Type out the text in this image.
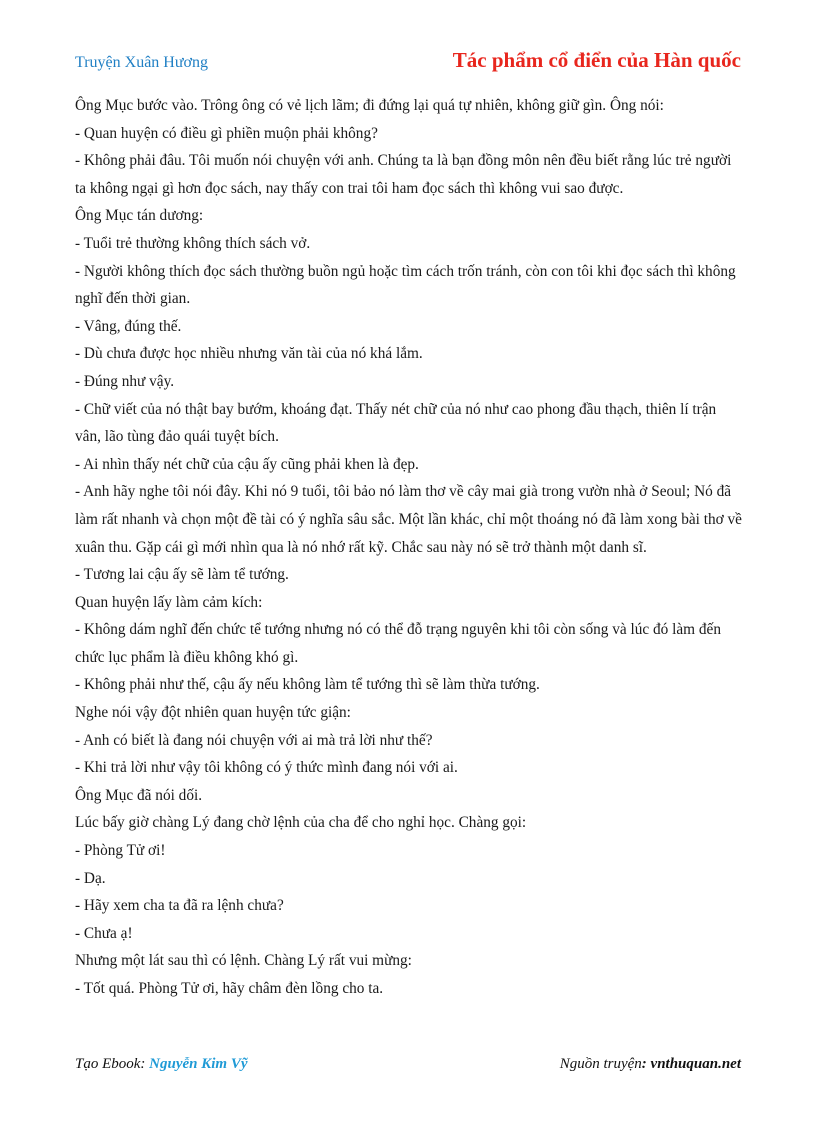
Truyện Xuân Hương	Tác phẩm cổ điển của Hàn quốc

Ông Mục bước vào. Trông ông có vẻ lịch lãm; đi đứng lại quá tự nhiên, không giữ gìn. Ông nói:

- Quan huyện có điều gì phiền muộn phải không?

- Không phải đâu. Tôi muốn nói chuyện với anh. Chúng ta là bạn đồng môn nên đều biết rằng lúc trẻ người ta không ngại gì hơn đọc sách, nay thấy con trai tôi ham đọc sách thì không vui sao được.

Ông Mục tán dương:

- Tuổi trẻ thường không thích sách vở.

- Người không thích đọc sách thường buồn ngủ hoặc tìm cách trốn tránh, còn con tôi khi đọc sách thì không nghĩ đến thời gian.

- Vâng, đúng thế.

- Dù chưa được học nhiều nhưng văn tài của nó khá lắm.

- Đúng như vậy.

- Chữ viết của nó thật bay bướm, khoáng đạt. Thấy nét chữ của nó như cao phong đầu thạch, thiên lí trận vân, lão tùng đảo quái tuyệt bích.

- Ai nhìn thấy nét chữ của cậu ấy cũng phải khen là đẹp.

- Anh hãy nghe tôi nói đây. Khi nó 9 tuổi, tôi bảo nó làm thơ về cây mai già trong vườn nhà ở Seoul; Nó đã làm rất nhanh và chọn một đề tài có ý nghĩa sâu sắc. Một lần khác, chỉ một thoáng nó đã làm xong bài thơ về xuân thu. Gặp cái gì mới nhìn qua là nó nhớ rất kỹ. Chắc sau này nó sẽ trở thành một danh sĩ.

- Tương lai cậu ấy sẽ làm tể tướng.

Quan huyện lấy làm cảm kích:

- Không dám nghĩ đến chức tể tướng nhưng nó có thể đỗ trạng nguyên khi tôi còn sống và lúc đó làm đến chức lục phẩm là điều không khó gì.

- Không phải như thế, cậu ấy nếu không làm tể tướng thì sẽ làm thừa tướng.

Nghe nói vậy đột nhiên quan huyện tức giận:

- Anh có biết là đang nói chuyện với ai mà trả lời như thế?

- Khi trả lời như vậy tôi không có ý thức mình đang nói với ai.

Ông Mục đã nói dối.

Lúc bấy giờ chàng Lý đang chờ lệnh của cha để cho nghỉ học. Chàng gọi:

- Phòng Tử ơi!

- Dạ.

- Hãy xem cha ta đã ra lệnh chưa?

- Chưa ạ!

Nhưng một lát sau thì có lệnh. Chàng Lý rất vui mừng:

- Tốt quá. Phòng Tử ơi, hãy châm đèn lồng cho ta.

Tạo Ebook: Nguyễn Kim Vỹ	Nguồn truyện: vnthuquan.net
